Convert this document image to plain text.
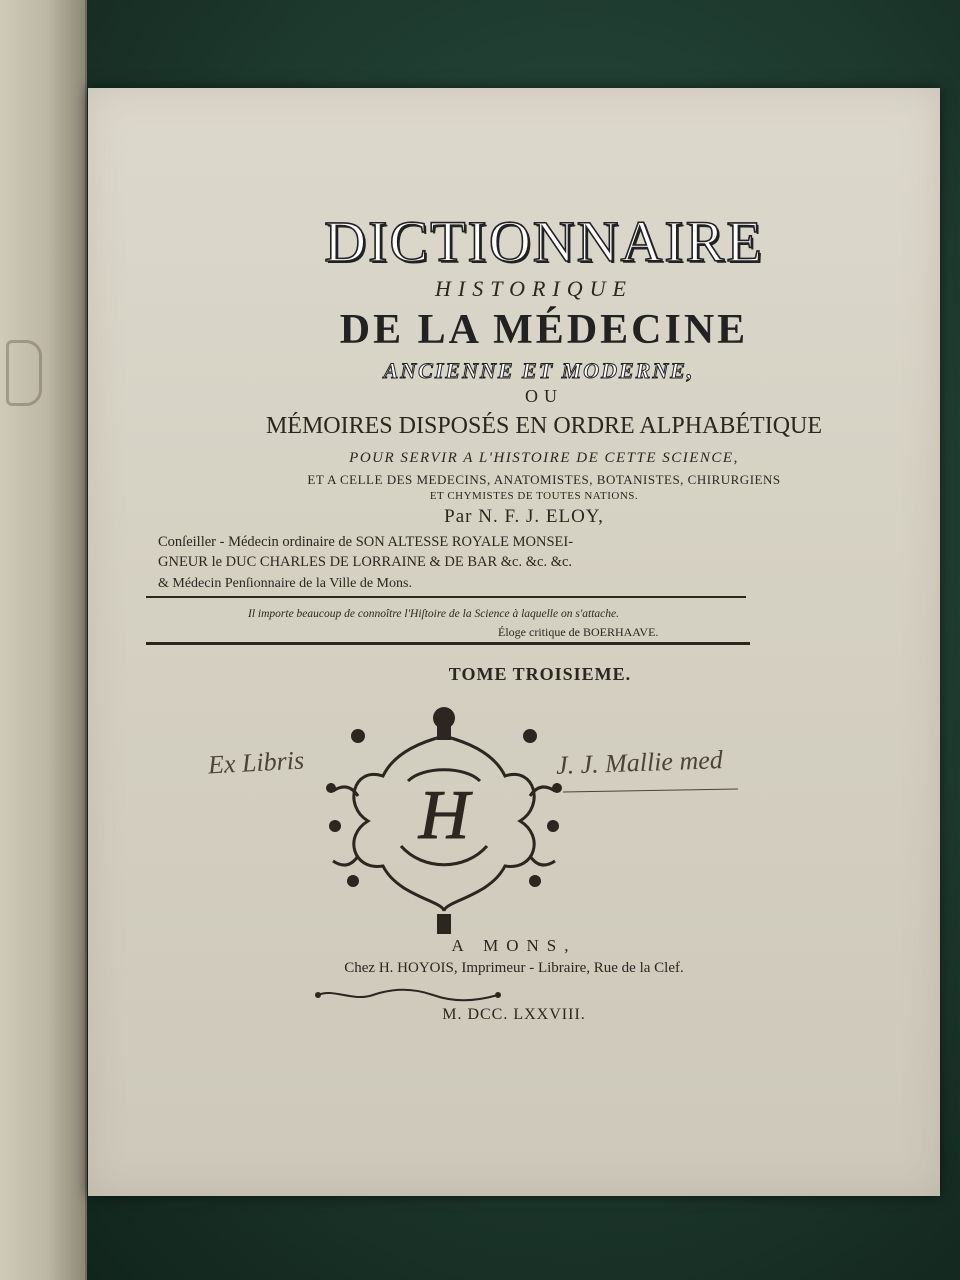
DICTIONNAIRE
HISTORIQUE
DE LA MÉDECINE
ANCIENNE ET MODERNE,
OU
MÉMOIRES DISPOSÉS EN ORDRE ALPHABÉTIQUE
POUR SERVIR A L'HISTOIRE DE CETTE SCIENCE,
ET A CELLE DES MEDECINS, ANATOMISTES, BOTANISTES, CHIRURGIENS
ET CHYMISTES DE TOUTES NATIONS.
Par N. F. J. ELOY,
Conſeiller - Médecin ordinaire de SON ALTESSE ROYALE MONSEI-
GNEUR le DUC CHARLES DE LORRAINE & DE BAR &c. &c. &c.
& Médecin Penſionnaire de la Ville de Mons.
Il importe beaucoup de connoître l'Hiſtoire de la Science à laquelle on s'attache.
Éloge critique de BOERHAAVE.
TOME TROISIEME.
Ex Libris	J. J. Mallie med
H
A MONS,
Chez H. HOYOIS, Imprimeur - Libraire, Rue de la Clef.
M. DCC. LXXVIII.
